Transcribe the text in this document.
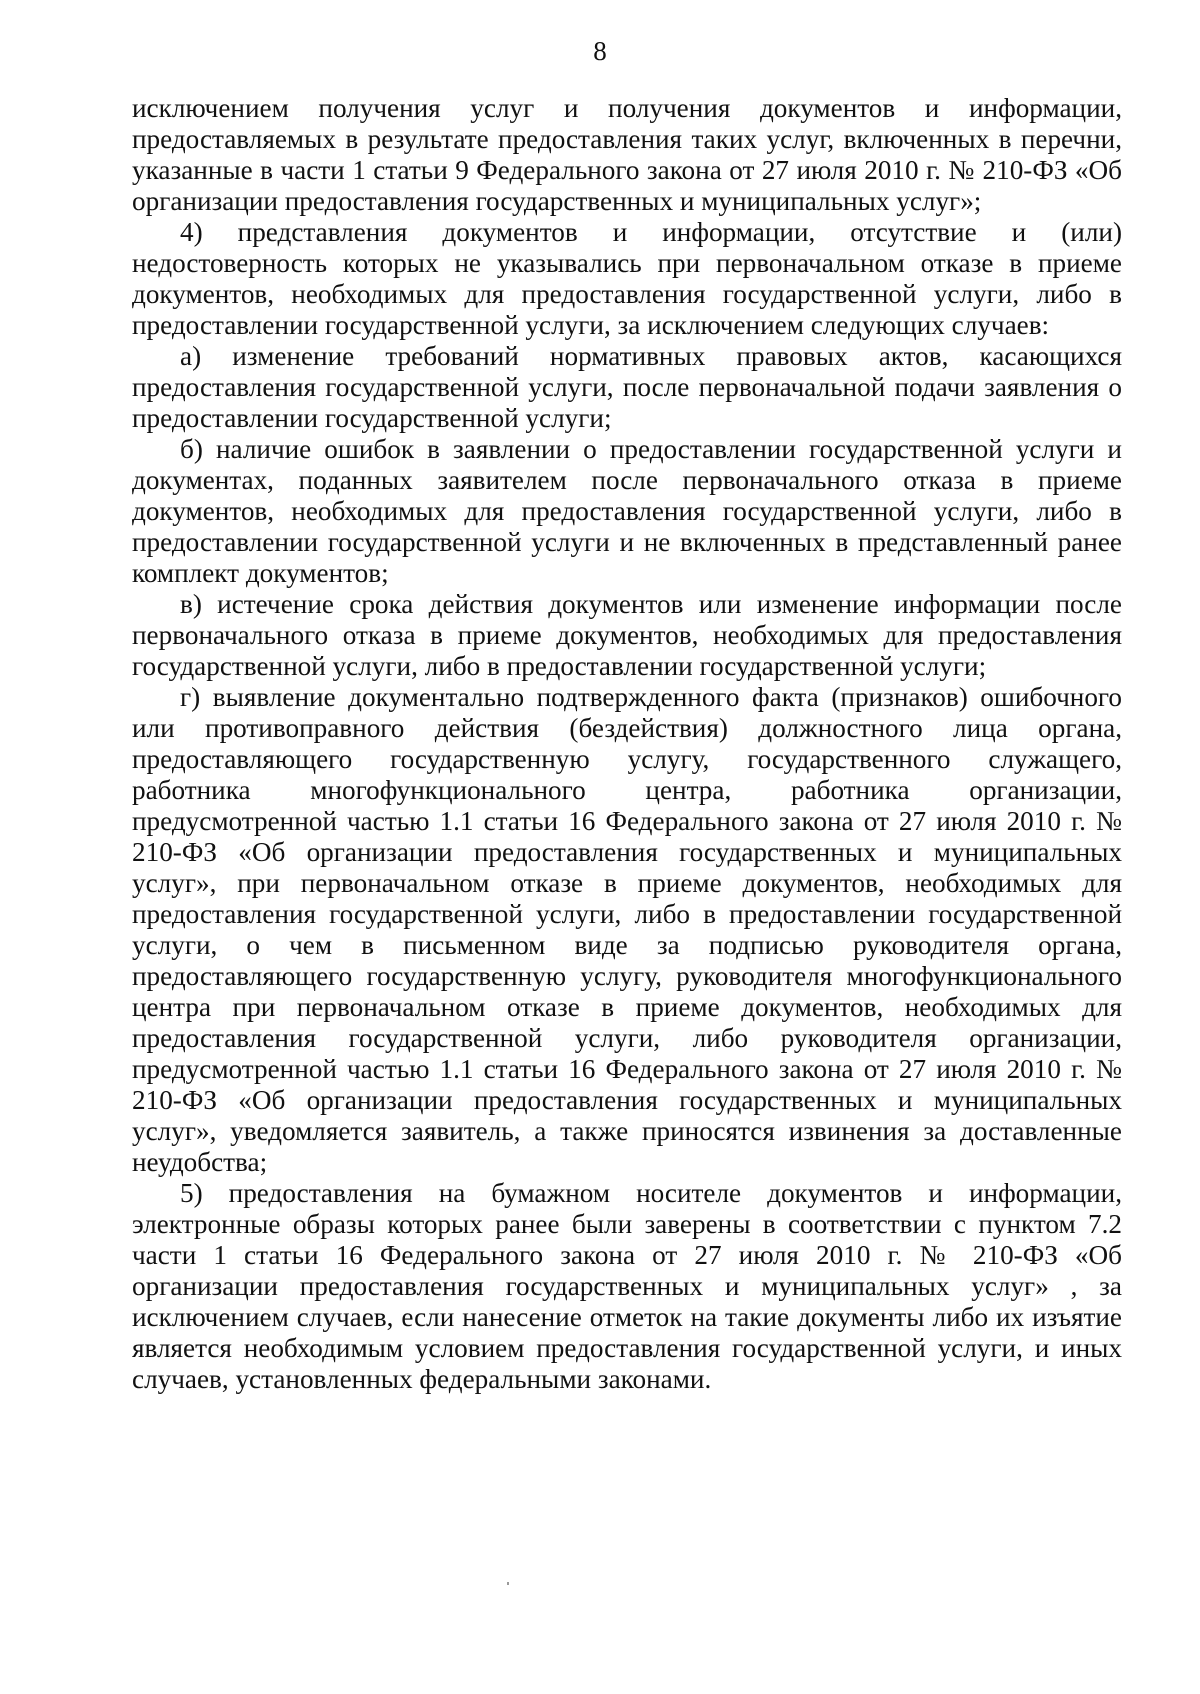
8

исключением получения услуг и получения документов и информации, предоставляемых в результате предоставления таких услуг, включенных в перечни, указанные в части 1 статьи 9 Федерального закона от 27 июля 2010 г. № 210-ФЗ «Об организации предоставления государственных и муниципальных услуг»;

4) представления документов и информации, отсутствие и (или) недостоверность которых не указывались при первоначальном отказе в приеме документов, необходимых для предоставления государственной услуги, либо в предоставлении государственной услуги, за исключением следующих случаев:

а) изменение требований нормативных правовых актов, касающихся предоставления государственной услуги, после первоначальной подачи заявления о предоставлении государственной услуги;

б) наличие ошибок в заявлении о предоставлении государственной услуги и документах, поданных заявителем после первоначального отказа в приеме документов, необходимых для предоставления государственной услуги, либо в предоставлении государственной услуги и не включенных в представленный ранее комплект документов;

в) истечение срока действия документов или изменение информации после первоначального отказа в приеме документов, необходимых для предоставления государственной услуги, либо в предоставлении государственной услуги;

г) выявление документально подтвержденного факта (признаков) ошибочного или противоправного действия (бездействия) должностного лица органа, предоставляющего государственную услугу, государственного служащего, работника многофункционального центра, работника организации, предусмотренной частью 1.1 статьи 16 Федерального закона от 27 июля 2010 г. № 210-ФЗ «Об организации предоставления государственных и муниципальных услуг», при первоначальном отказе в приеме документов, необходимых для предоставления государственной услуги, либо в предоставлении государственной услуги, о чем в письменном виде за подписью руководителя органа, предоставляющего государственную услугу, руководителя многофункционального центра при первоначальном отказе в приеме документов, необходимых для предоставления государственной услуги, либо руководителя организации, предусмотренной частью 1.1 статьи 16 Федерального закона от 27 июля 2010 г. № 210-ФЗ «Об организации предоставления государственных и муниципальных услуг», уведомляется заявитель, а также приносятся извинения за доставленные неудобства;

5) предоставления на бумажном носителе документов и информации, электронные образы которых ранее были заверены в соответствии с пунктом 7.2 части 1 статьи 16 Федерального закона от 27 июля 2010 г. № 210-ФЗ «Об организации предоставления государственных и муниципальных услуг» , за исключением случаев, если нанесение отметок на такие документы либо их изъятие является необходимым условием предоставления государственной услуги, и иных случаев, установленных федеральными законами.
